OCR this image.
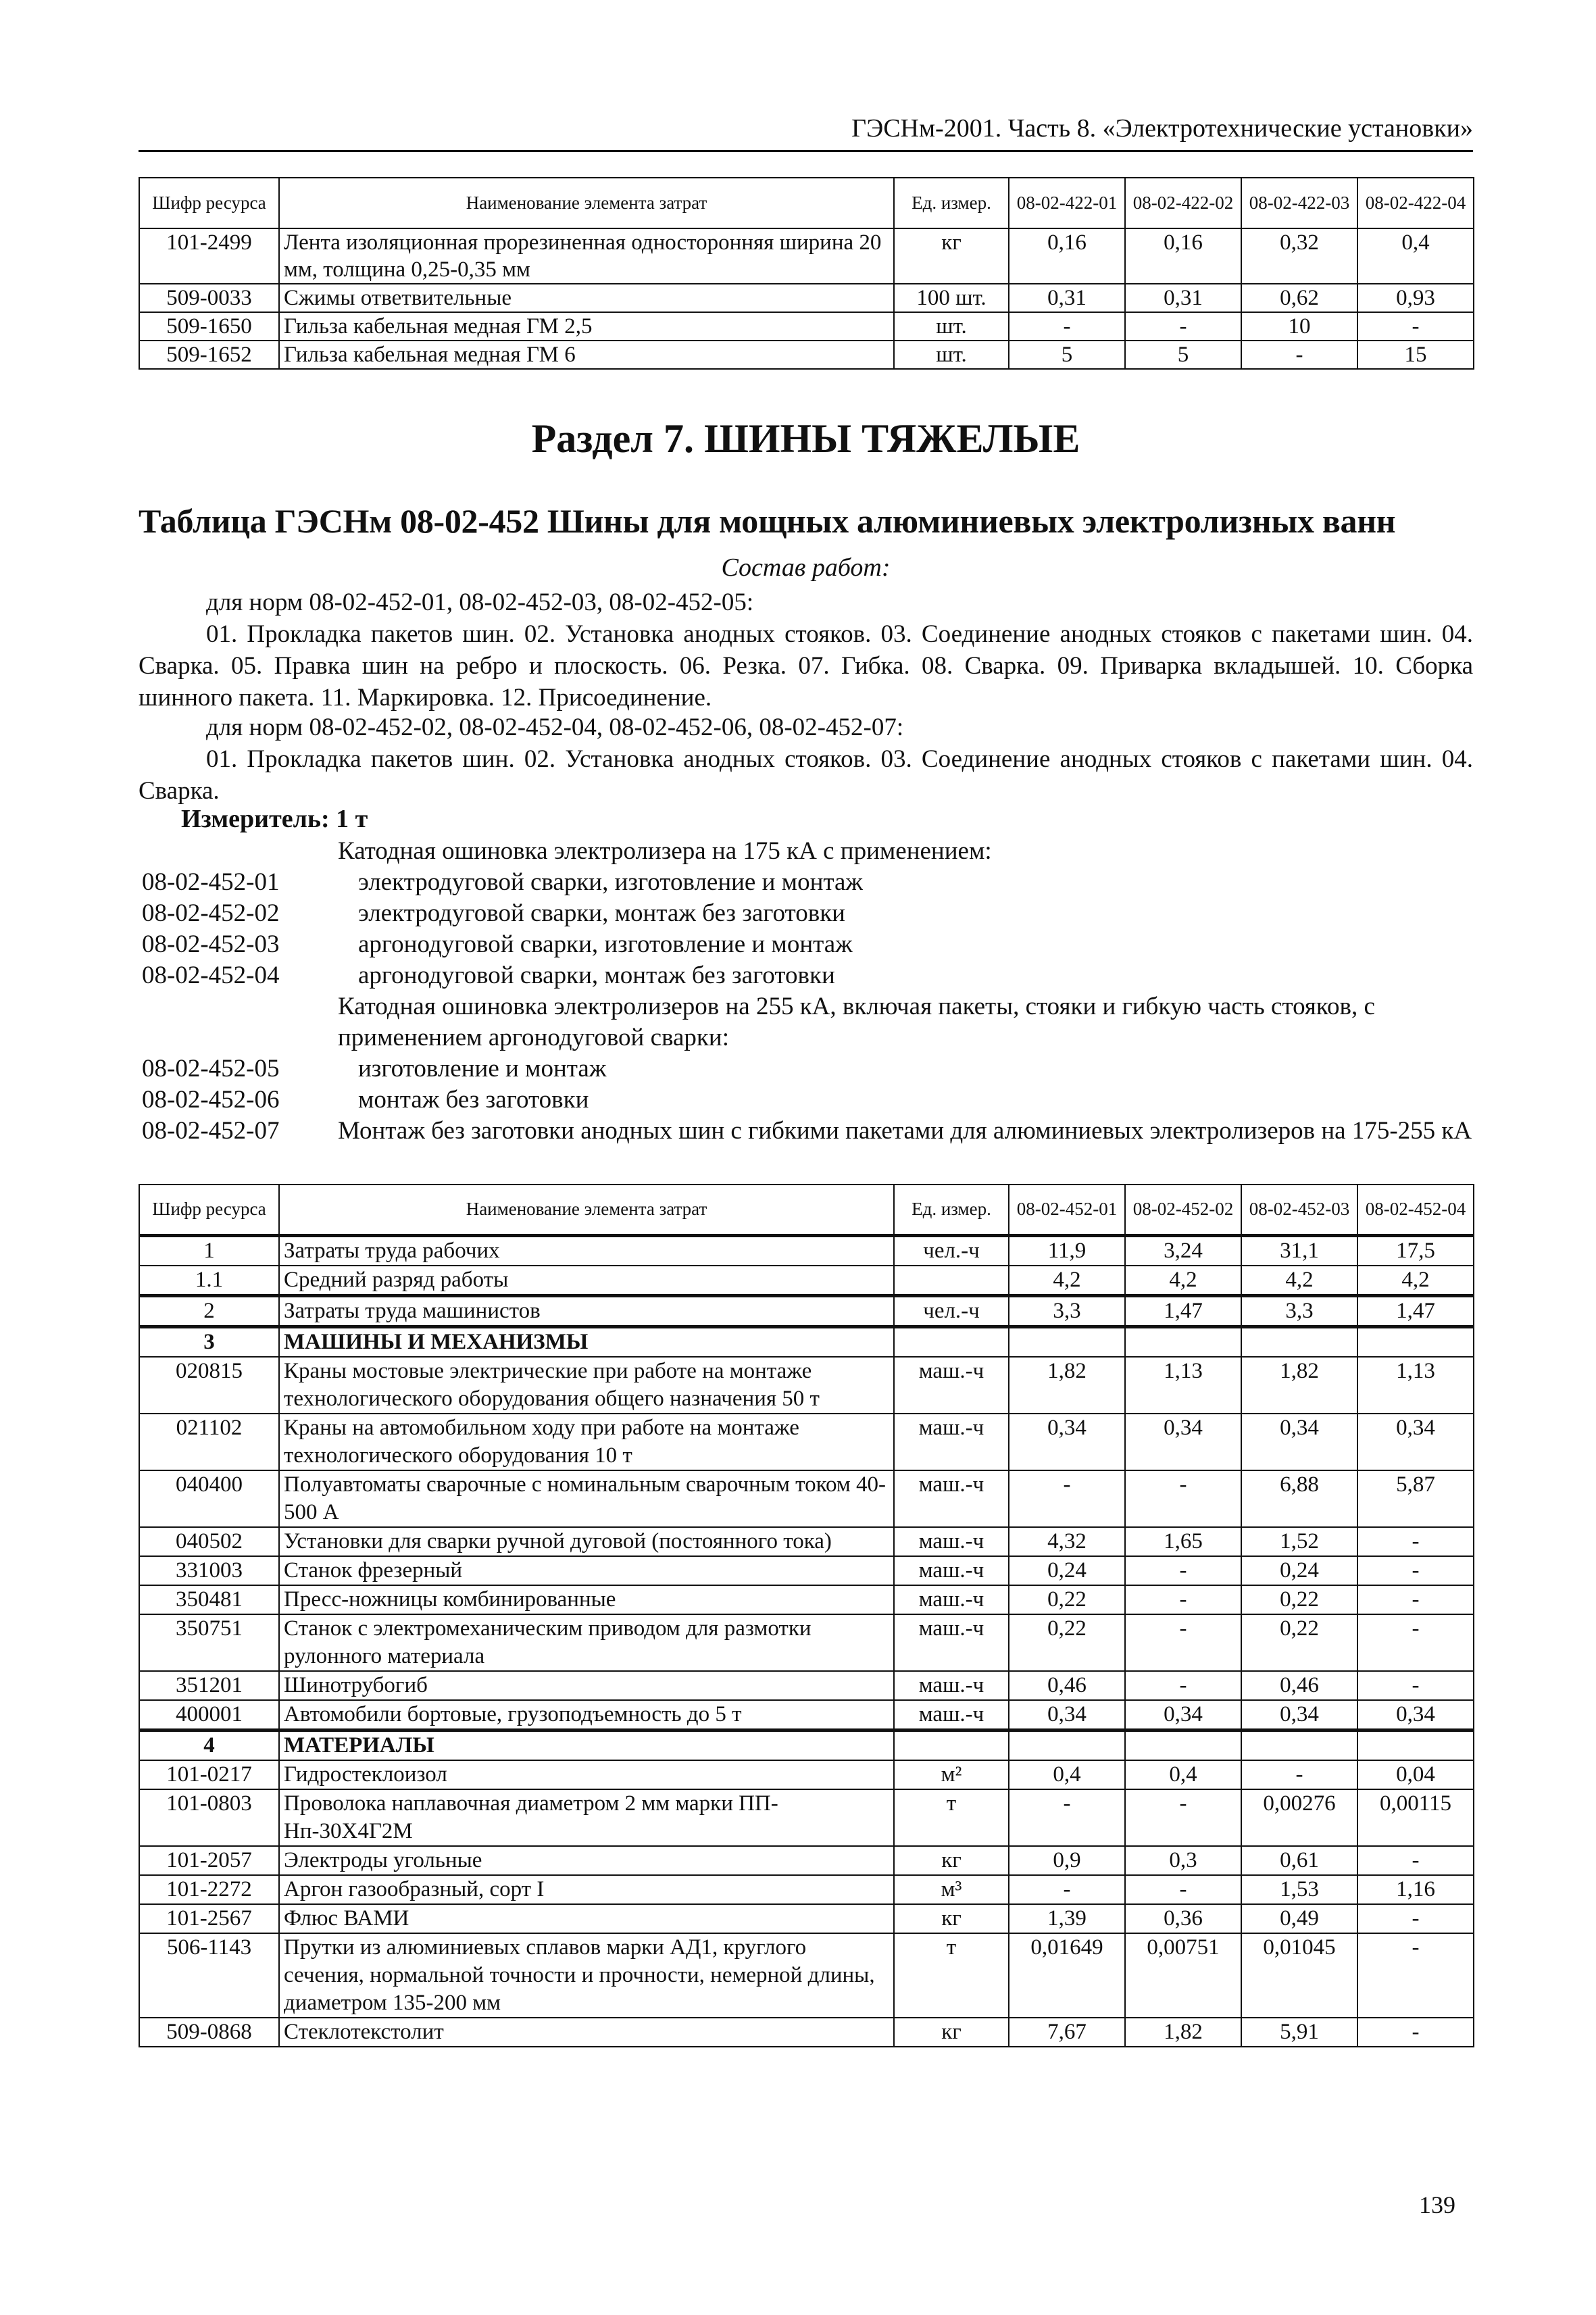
ГЭСНм-2001. Часть 8. «Электротехнические установки»
Шифр ресурса	Наименование элемента затрат	Ед. измер.	08-02-422-01	08-02-422-02	08-02-422-03	08-02-422-04
101-2499	Лента изоляционная прорезиненная односторонняя ширина 20 мм, толщина 0,25-0,35 мм	кг	0,16	0,16	0,32	0,4
509-0033	Сжимы ответвительные	100 шт.	0,31	0,31	0,62	0,93
509-1650	Гильза кабельная медная ГМ 2,5	шт.	-	-	10	-
509-1652	Гильза кабельная медная ГМ 6	шт.	5	5	-	15
Раздел 7. ШИНЫ ТЯЖЕЛЫЕ
Таблица ГЭСНм 08-02-452 Шины для мощных алюминиевых электролизных ванн
Состав работ:
для норм 08-02-452-01, 08-02-452-03, 08-02-452-05:
01. Прокладка пакетов шин. 02. Установка анодных стояков. 03. Соединение анодных стояков с пакетами шин. 04. Сварка. 05. Правка шин на ребро и плоскость. 06. Резка. 07. Гибка. 08. Сварка. 09. Приварка вкладышей. 10. Сборка шинного пакета. 11. Маркировка. 12. Присоединение.
для норм 08-02-452-02, 08-02-452-04, 08-02-452-06, 08-02-452-07:
01. Прокладка пакетов шин. 02. Установка анодных стояков. 03. Соединение анодных стояков с пакетами шин. 04. Сварка.
Измеритель: 1 т
Катодная ошиновка электролизера на 175 кА с применением:
08-02-452-01	электродуговой сварки, изготовление и монтаж
08-02-452-02	электродуговой сварки, монтаж без заготовки
08-02-452-03	аргонодуговой сварки, изготовление и монтаж
08-02-452-04	аргонодуговой сварки, монтаж без заготовки
Катодная ошиновка электролизеров на 255 кА, включая пакеты, стояки и гибкую часть стояков, с применением аргонодуговой сварки:
08-02-452-05	изготовление и монтаж
08-02-452-06	монтаж без заготовки
08-02-452-07 Монтаж без заготовки анодных шин с гибкими пакетами для алюминиевых электролизеров на 175-255 кА
Шифр ресурса	Наименование элемента затрат	Ед. измер.	08-02-452-01	08-02-452-02	08-02-452-03	08-02-452-04
1	Затраты труда рабочих	чел.-ч	11,9	3,24	31,1	17,5
1.1	Средний разряд работы		4,2	4,2	4,2	4,2
2	Затраты труда машинистов	чел.-ч	3,3	1,47	3,3	1,47
3	МАШИНЫ И МЕХАНИЗМЫ					
020815	Краны мостовые электрические при работе на монтаже технологического оборудования общего назначения 50 т	маш.-ч	1,82	1,13	1,82	1,13
021102	Краны на автомобильном ходу при работе на монтаже технологического оборудования 10 т	маш.-ч	0,34	0,34	0,34	0,34
040400	Полуавтоматы сварочные с номинальным сварочным током 40-500 А	маш.-ч	-	-	6,88	5,87
040502	Установки для сварки ручной дуговой (постоянного тока)	маш.-ч	4,32	1,65	1,52	-
331003	Станок фрезерный	маш.-ч	0,24	-	0,24	-
350481	Пресс-ножницы комбинированные	маш.-ч	0,22	-	0,22	-
350751	Станок с электромеханическим приводом для размотки рулонного материала	маш.-ч	0,22	-	0,22	-
351201	Шинотрубогиб	маш.-ч	0,46	-	0,46	-
400001	Автомобили бортовые, грузоподъемность до 5 т	маш.-ч	0,34	0,34	0,34	0,34
4	МАТЕРИАЛЫ					
101-0217	Гидростеклоизол	м²	0,4	0,4	-	0,04
101-0803	Проволока наплавочная диаметром 2 мм марки ПП-Нп-30Х4Г2М	т	-	-	0,00276	0,00115
101-2057	Электроды угольные	кг	0,9	0,3	0,61	-
101-2272	Аргон газообразный, сорт I	м³	-	-	1,53	1,16
101-2567	Флюс ВАМИ	кг	1,39	0,36	0,49	-
506-1143	Прутки из алюминиевых сплавов марки АД1, круглого сечения, нормальной точности и прочности, немерной длины, диаметром 135-200 мм	т	0,01649	0,00751	0,01045	-
509-0868	Стеклотекстолит	кг	7,67	1,82	5,91	-
139
